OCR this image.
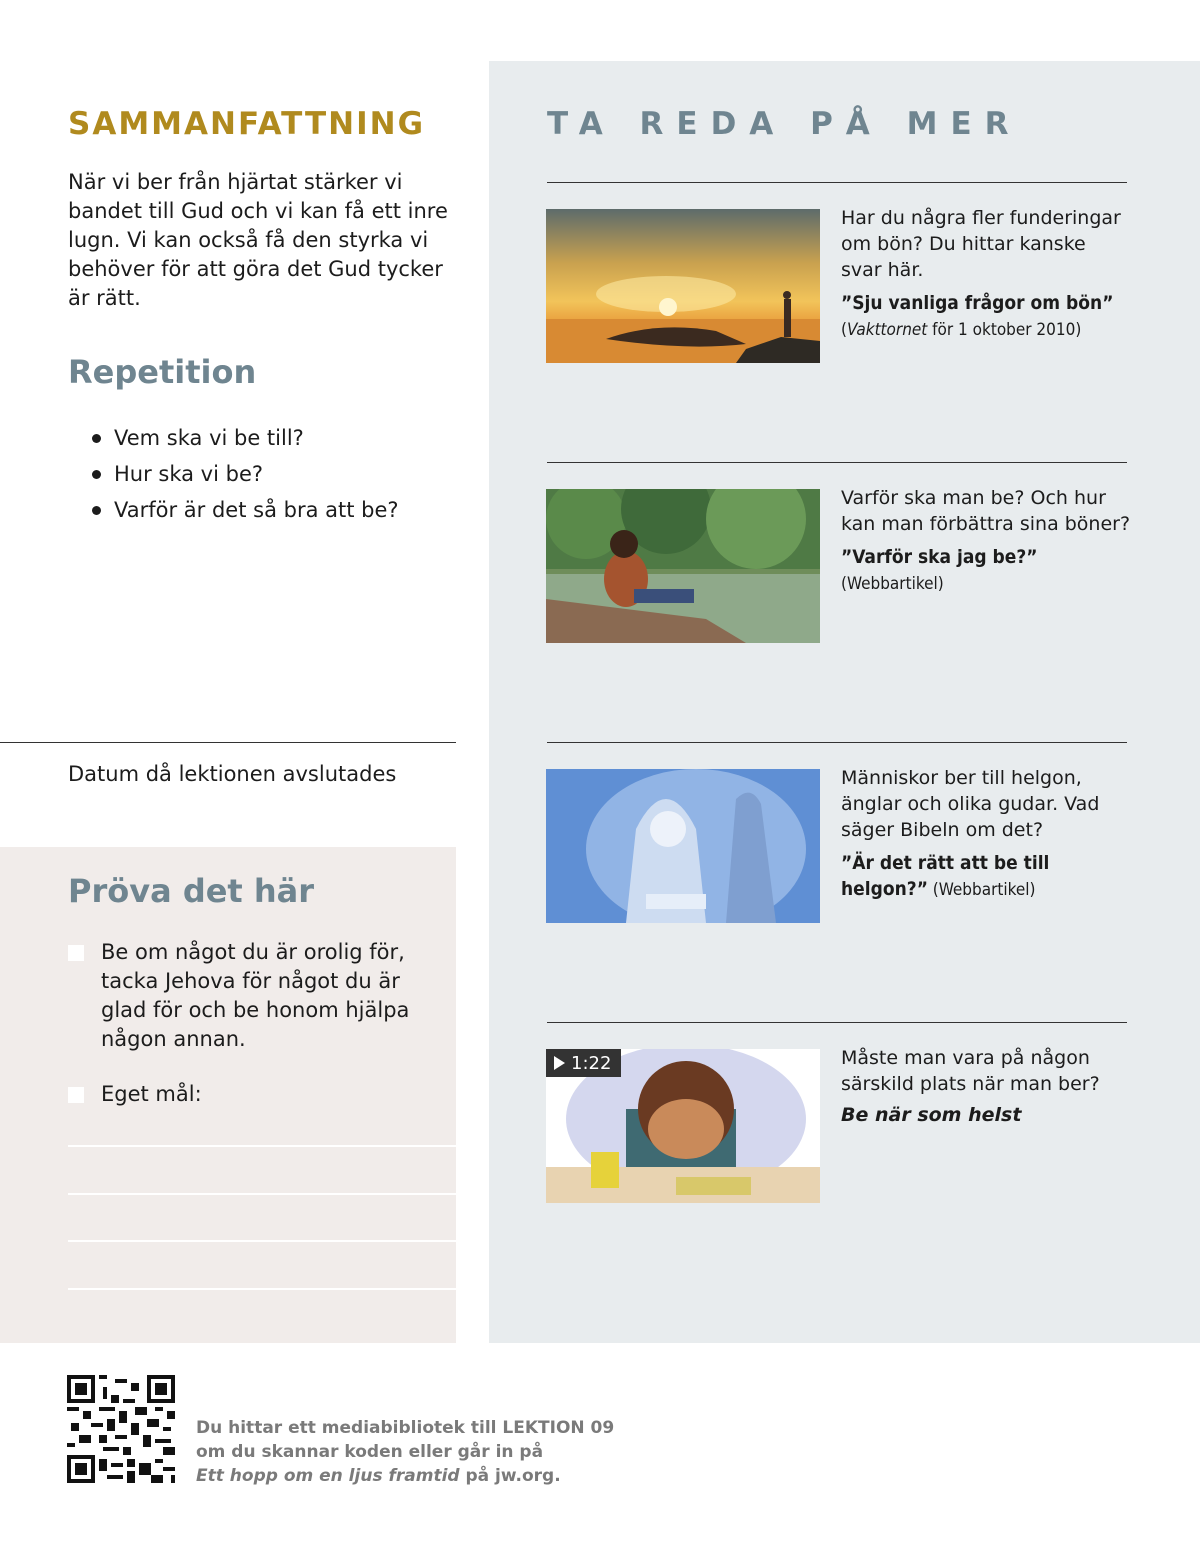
SAMMANFATTNING

När vi ber från hjärtat stärker vi bandet till Gud och vi kan få ett inre lugn. Vi kan också få den styrka vi behöver för att göra det Gud tycker är rätt.

Repetition
Vem ska vi be till?
Hur ska vi be?
Varför är det så bra att be?
Datum då lektionen avslutades
Pröva det här
Be om något du är orolig för, tacka Jehova för något du är glad för och be honom hjälpa någon annan.
Eget mål:
TA REDA PÅ MER

Har du några fler funderingar om bön? Du hittar kanske svar här.

”Sju vanliga frågor om bön”
(Vakttornet för 1 oktober 2010)

Varför ska man be? Och hur kan man förbättra sina böner?

”Varför ska jag be?”
(Webbartikel)

Människor ber till helgon, änglar och olika gudar. Vad säger Bibeln om det?

”Är det rätt att be till helgon?” (Webbartikel)

1:22	Måste man vara på någon särskild plats när man ber?

Be när som helst

Du hittar ett mediabibliotek till LEKTION 09
om du skannar koden eller går in på
Ett hopp om en ljus framtid på jw.org.
